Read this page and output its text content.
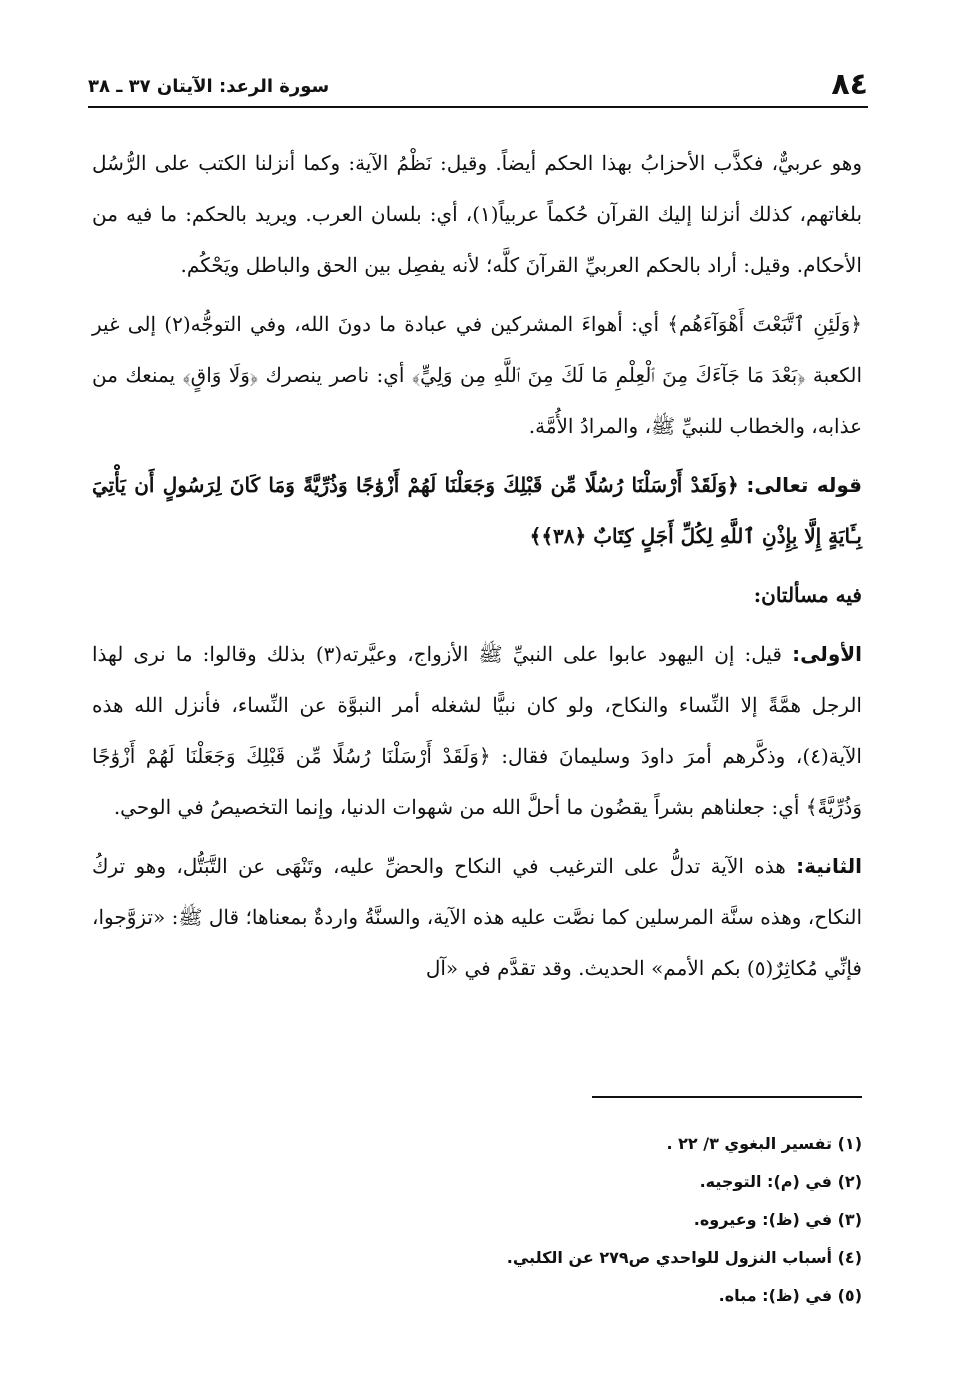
٨٤
سورة الرعد: الآيتان ٣٧ ـ ٣٨

وهو عربيٌّ، فكذَّب الأحزابُ بهذا الحكم أيضاً. وقيل: نَظْمُ الآية: وكما أنزلنا الكتب على الرُّسُل بلغاتهم، كذلك أنزلنا إليك القرآن حُكماً عربياً(١)، أي: بلسان العرب. ويريد بالحكم: ما فيه من الأحكام. وقيل: أراد بالحكم العربيِّ القرآنَ كلَّه؛ لأنه يفصِل بين الحق والباطل ويَحْكُم.

﴿وَلَئِنِ ٱتَّبَعْتَ أَهْوَآءَهُم﴾ أي: أهواءَ المشركين في عبادة ما دونَ الله، وفي التوجُّه(٢) إلى غير الكعبة ﴿بَعْدَ مَا جَآءَكَ مِنَ ٱلْعِلْمِ مَا لَكَ مِنَ ٱللَّهِ مِن وَلِيٍّ﴾ أي: ناصر ينصرك ﴿وَلَا وَاقٍ﴾ يمنعك من عذابه، والخطاب للنبيِّ ﷺ، والمرادُ الأُمَّة.

قوله تعالى: ﴿وَلَقَدْ أَرْسَلْنَا رُسُلًا مِّن قَبْلِكَ وَجَعَلْنَا لَهُمْ أَزْوَٰجًا وَذُرِّيَّةً وَمَا كَانَ لِرَسُولٍ أَن يَأْتِيَ بِـَٔايَةٍ إِلَّا بِإِذْنِ ٱللَّهِ لِكُلِّ أَجَلٍ كِتَابٌ ﴿٣٨﴾﴾

فيه مسألتان:

الأولى: قيل: إن اليهود عابوا على النبيِّ ﷺ الأزواج، وعيَّرته(٣) بذلك وقالوا: ما نرى لهذا الرجل همَّةً إلا النِّساء والنكاح، ولو كان نبيًّا لشغله أمر النبوَّة عن النِّساء، فأنزل الله هذه الآية(٤)، وذكَّرهم أمرَ داودَ وسليمانَ فقال: ﴿وَلَقَدْ أَرْسَلْنَا رُسُلًا مِّن قَبْلِكَ وَجَعَلْنَا لَهُمْ أَزْوَٰجًا وَذُرِّيَّةً﴾ أي: جعلناهم بشراً يقضُون ما أحلَّ الله من شهوات الدنيا، وإنما التخصيصُ في الوحي.

الثانية: هذه الآية تدلُّ على الترغيب في النكاح والحضِّ عليه، وتَنْهَى عن التَّبَتُّل، وهو تركُ النكاح، وهذه سنَّة المرسلين كما نصَّت عليه هذه الآية، والسنَّةُ واردةٌ بمعناها؛ قال ﷺ: «تزوَّجوا، فإنِّي مُكاثِرٌ(٥) بكم الأمم» الحديث. وقد تقدَّم في «آل

(١) تفسير البغوي ٣/ ٢٢ .
(٢) في (م): التوجيه.
(٣) في (ظ): وعيروه.
(٤) أسباب النزول للواحدي ص٢٧٩ عن الكلبي.
(٥) في (ظ): مباه.
